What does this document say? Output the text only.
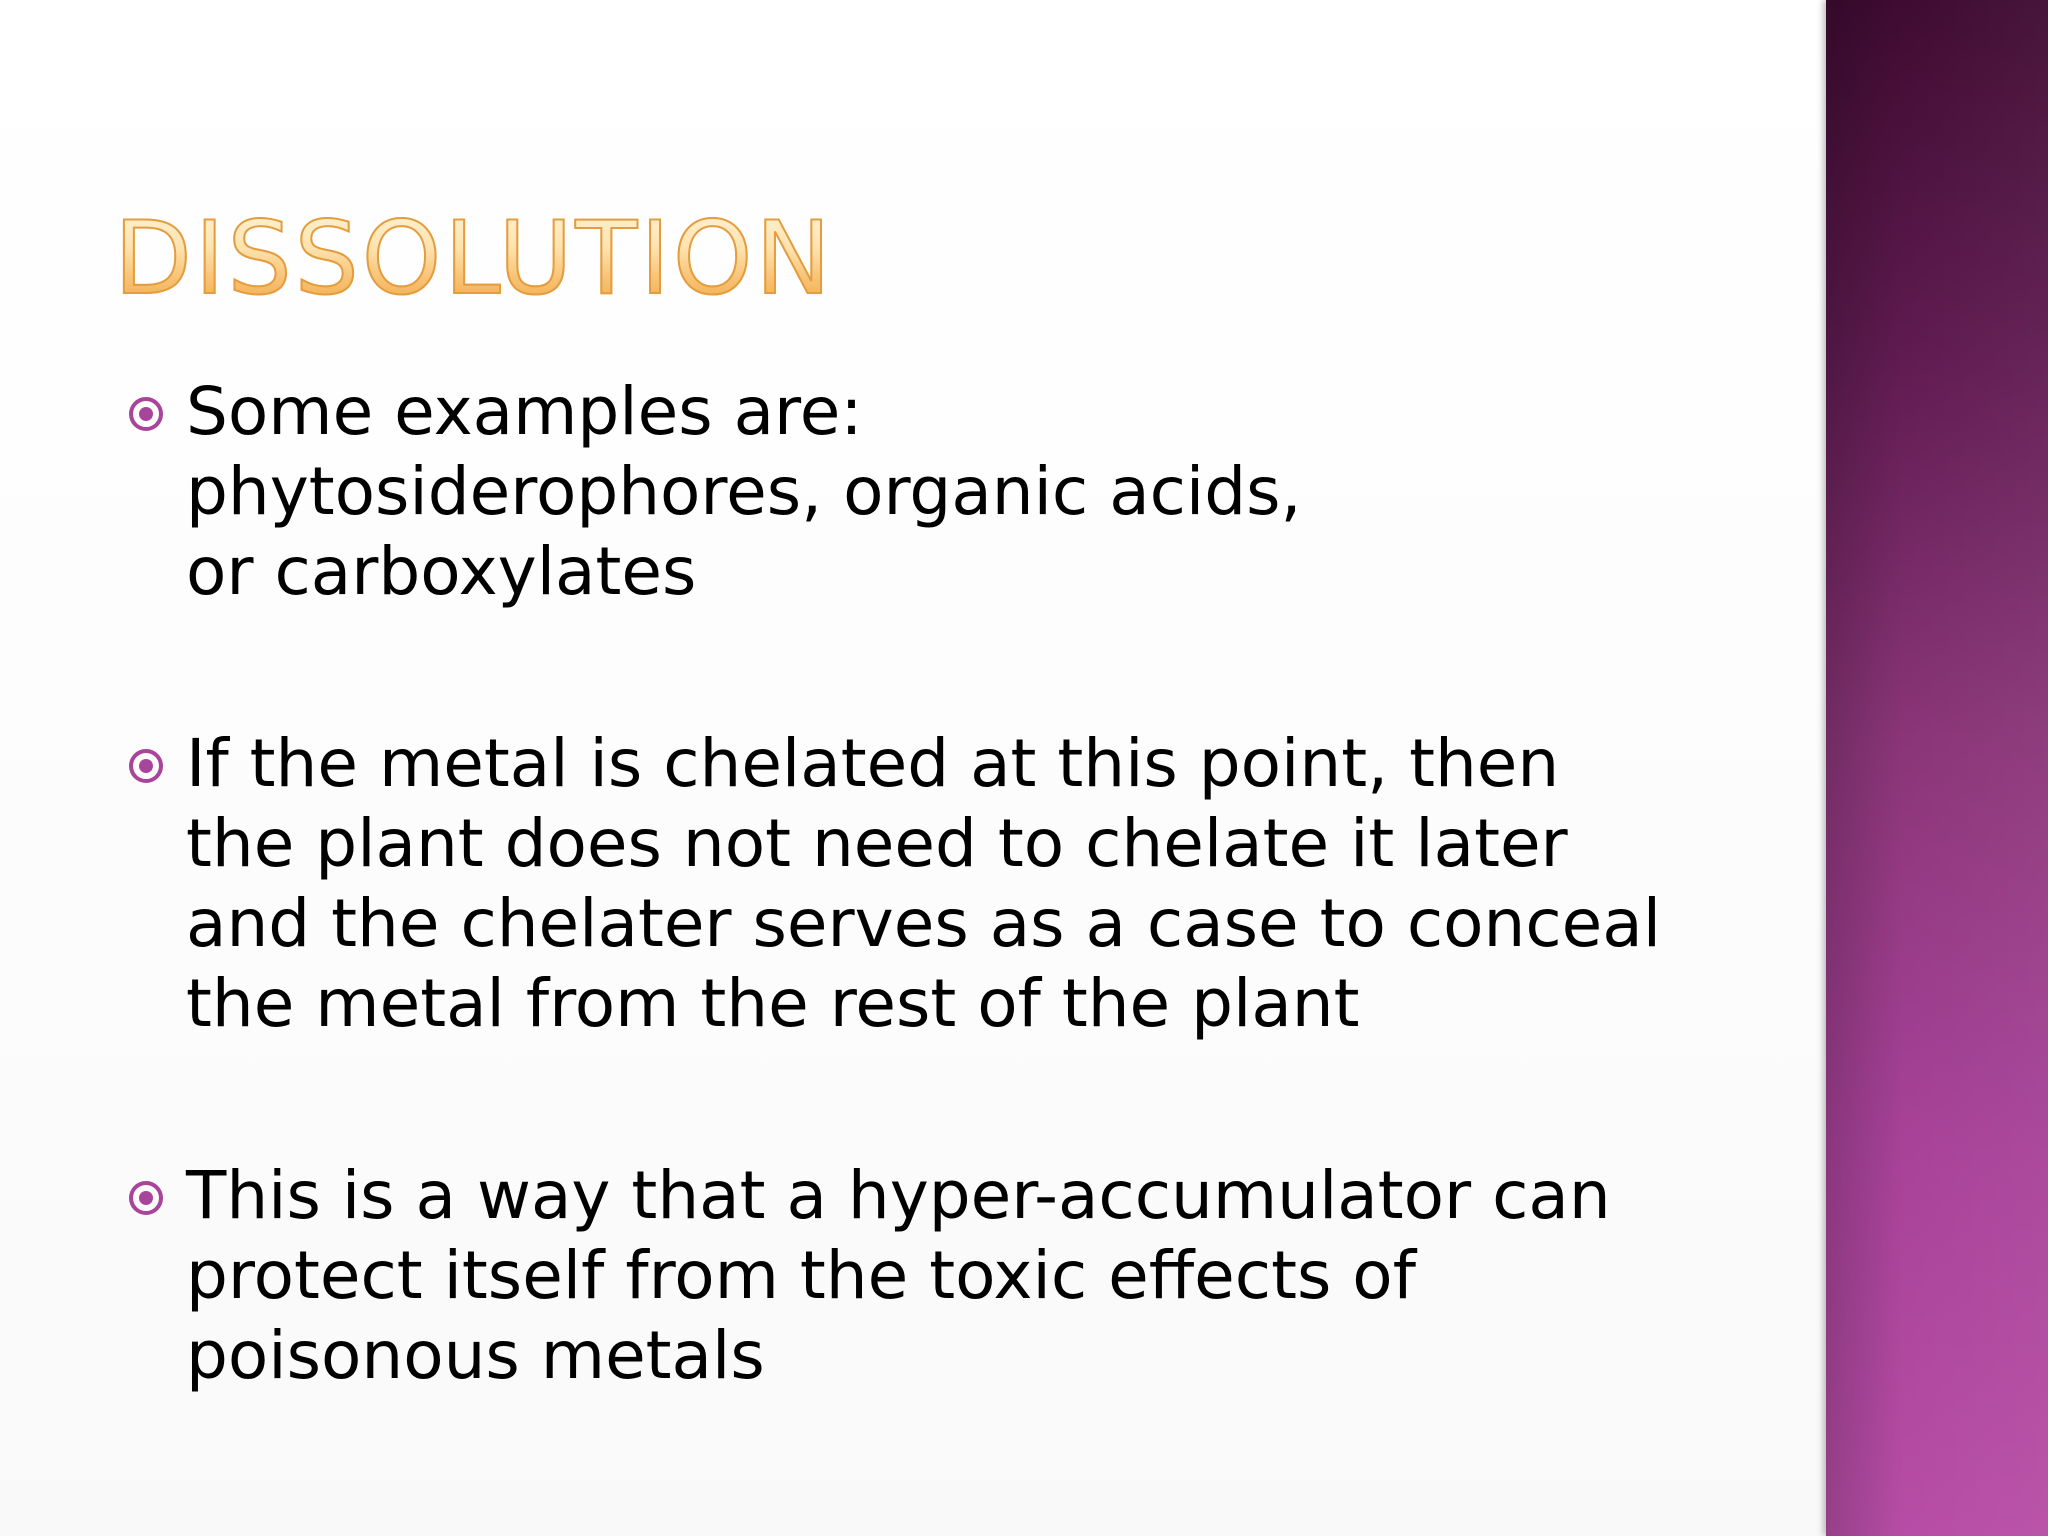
DISSOLUTION
Some examples are:
phytosiderophores, organic acids,
or carboxylates
If the metal is chelated at this point, then
the plant does not need to chelate it later
and the chelater serves as a case to conceal
the metal from the rest of the plant
This is a way that a hyper-accumulator can
protect itself from the toxic effects of
poisonous metals
